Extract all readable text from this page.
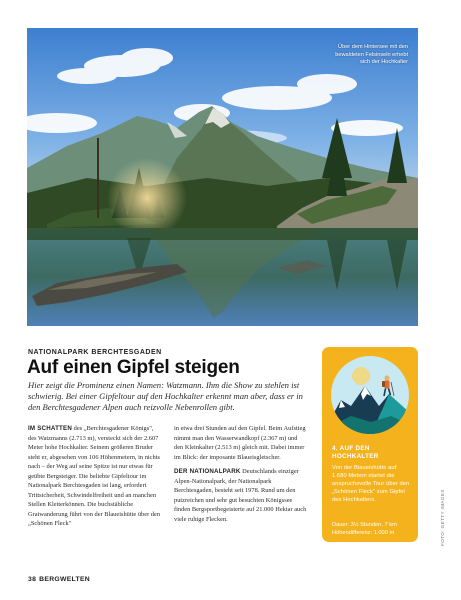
Über dem Hintersee mit den bewaldeten Felsinseln erhebt sich der Hochkalter
NATIONALPARK BERCHTESGADEN
Auf einen Gipfel steigen

Hier zeigt die Prominenz einen Namen: Watzmann. Ihm die Show zu stehlen ist schwierig. Bei einer Gipfeltour auf den Hochkalter erkennt man aber, dass er in den Berchtesgadener Alpen auch reizvolle Nebenrollen gibt.

IM SCHATTEN des „Berchtesgadener Königs", des Watzmanns (2.713 m), versteckt sich der 2.607 Meter hohe Hochkalter. Seinem größeren Bruder steht er, abgesehen von 106 Höhenmetern, in nichts nach – der Weg auf seine Spitze ist nur etwas für geübte Bergsteiger. Die beliebte Gipfeltour im Nationalpark Berchtesgaden ist lang, erfordert Trittsicherheit, Schwindelfreiheit und an manchen Stellen Kletterkönnen. Die buchstäbliche Gratwanderung führt von der Blaueishütte über den „Schönen Fleck"

in etwa drei Stunden auf den Gipfel. Beim Aufstieg nimmt man den Wasserwandkopf (2.367 m) und den Kleinkalter (2.513 m) gleich mit. Dabei immer im Blick: der imposante Blaueisgletscher.

DER NATIONALPARK Deutschlands einziger Alpen-Nationalpark, der Nationalpark Berchtesgaden, besteht seit 1978. Rund um den putzreichen und sehr gut besuchten Königssee finden Bergsportbegeisterte auf 21.000 Hektar auch viele ruhige Flecken.

4. AUF DEN
HOCHKALTER
Von der Blaueishütte auf 1.680 Metern startet die anspruchsvolle Tour über den „Schönen Fleck" zum Gipfel des Hochkalters.
Dauer: 3½ Stunden, 7 km
Höhendifferenz: 1.000 m	FOTO: GETTY IMAGES
38 BERGWELTEN
